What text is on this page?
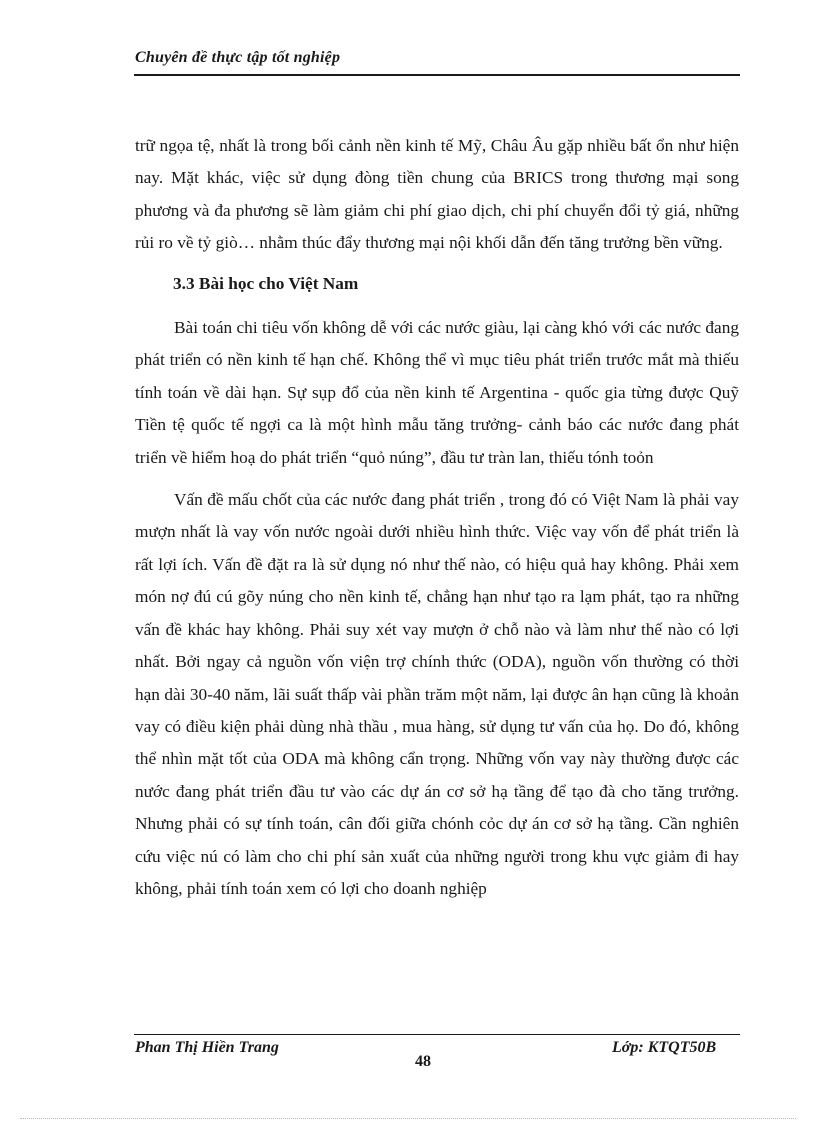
Chuyên đề thực tập tốt nghiệp

trữ ngọa tệ, nhất là trong bối cảnh nền kinh tế Mỹ, Châu Âu gặp nhiều bất ổn như hiện nay. Mặt khác, việc sử dụng đòng tiền chung của BRICS trong thương mại song phương và đa phương sẽ làm giảm chi phí giao dịch, chi phí chuyển đổi tỷ giá, những rủi ro về tỷ giò… nhằm thúc đẩy thương mại nội khối dẫn đến tăng trưởng bền vững.

3.3 Bài học cho Việt Nam

Bài toán chi tiêu vốn không dễ với các nước giàu, lại càng khó với các nước đang phát triển có nền kinh tế hạn chế. Không thể vì mục tiêu phát triển trước mắt mà thiếu tính toán về dài hạn. Sự sụp đổ của nền kinh tế Argentina - quốc gia từng được Quỹ Tiền tệ quốc tế ngợi ca là một hình mẫu tăng trưởng- cảnh báo các nước đang phát triển về hiểm hoạ do phát triển “quỏ núng”, đầu tư tràn lan, thiếu tónh toỏn

Vấn đề mấu chốt của các nước đang phát triển , trong đó có Việt Nam là phải vay mượn nhất là vay vốn nước ngoài dưới nhiều hình thức. Việc vay vốn để phát triển là rất lợi ích. Vấn đề đặt ra là sử dụng nó như thế nào, có hiệu quả hay không. Phải xem món nợ đú cú gõy núng cho nền kinh tế, chẳng hạn như tạo ra lạm phát, tạo ra những vấn đề khác hay không. Phải suy xét vay mượn ở chỗ nào và làm như thế nào có lợi nhất. Bởi ngay cả nguồn vốn viện trợ chính thức (ODA), nguồn vốn thường có thời hạn dài 30-40 năm, lãi suất thấp vài phần trăm một năm, lại được ân hạn cũng là khoản vay có điều kiện phải dùng nhà thầu , mua hàng, sử dụng tư vấn của họ. Do đó, không thể nhìn mặt tốt của ODA mà không cẩn trọng. Những vốn vay này thường được các nước đang phát triển đầu tư vào các dự án cơ sở hạ tầng để tạo đà cho tăng trưởng. Nhưng phải có sự tính toán, cân đối giữa chónh cỏc dự án cơ sở hạ tầng. Cần nghiên cứu việc nú có làm cho chi phí sản xuất của những người trong khu vực giảm đi hay không, phải tính toán xem có lợi cho doanh nghiệp

Phan Thị Hiền Trang	Lớp: KTQT50B
48
